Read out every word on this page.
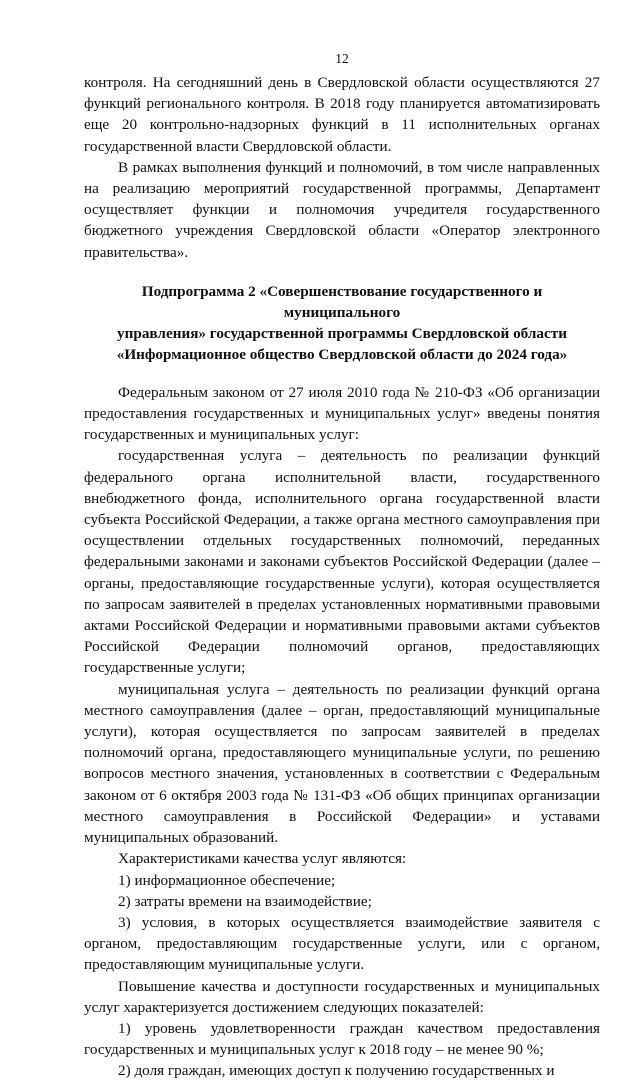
12

контроля. На сегодняшний день в Свердловской области осуществляются 27 функций регионального контроля. В 2018 году планируется автоматизировать еще 20 контрольно-надзорных функций в 11 исполнительных органах государственной власти Свердловской области.

В рамках выполнения функций и полномочий, в том числе направленных на реализацию мероприятий государственной программы, Департамент осуществляет функции и полномочия учредителя государственного бюджетного учреждения Свердловской области «Оператор электронного правительства».

Подпрограмма 2 «Совершенствование государственного и муниципального
управления» государственной программы Свердловской области
«Информационное общество Свердловской области до 2024 года»

Федеральным законом от 27 июля 2010 года № 210-ФЗ «Об организации предоставления государственных и муниципальных услуг» введены понятия государственных и муниципальных услуг:

государственная услуга – деятельность по реализации функций федерального органа исполнительной власти, государственного внебюджетного фонда, исполнительного органа государственной власти субъекта Российской Федерации, а также органа местного самоуправления при осуществлении отдельных государственных полномочий, переданных федеральными законами и законами субъектов Российской Федерации (далее – органы, предоставляющие государственные услуги), которая осуществляется по запросам заявителей в пределах установленных нормативными правовыми актами Российской Федерации и нормативными правовыми актами субъектов Российской Федерации полномочий органов, предоставляющих государственные услуги;

муниципальная услуга – деятельность по реализации функций органа местного самоуправления (далее – орган, предоставляющий муниципальные услуги), которая осуществляется по запросам заявителей в пределах полномочий органа, предоставляющего муниципальные услуги, по решению вопросов местного значения, установленных в соответствии с Федеральным законом от 6 октября 2003 года № 131-ФЗ «Об общих принципах организации местного самоуправления в Российской Федерации» и уставами муниципальных образований.

Характеристиками качества услуг являются:

1) информационное обеспечение;

2) затраты времени на взаимодействие;

3) условия, в которых осуществляется взаимодействие заявителя с органом, предоставляющим государственные услуги, или с органом, предоставляющим муниципальные услуги.

Повышение качества и доступности государственных и муниципальных услуг характеризуется достижением следующих показателей:

1) уровень удовлетворенности граждан качеством предоставления государственных и муниципальных услуг к 2018 году – не менее 90 %;

2) доля граждан, имеющих доступ к получению государственных и
